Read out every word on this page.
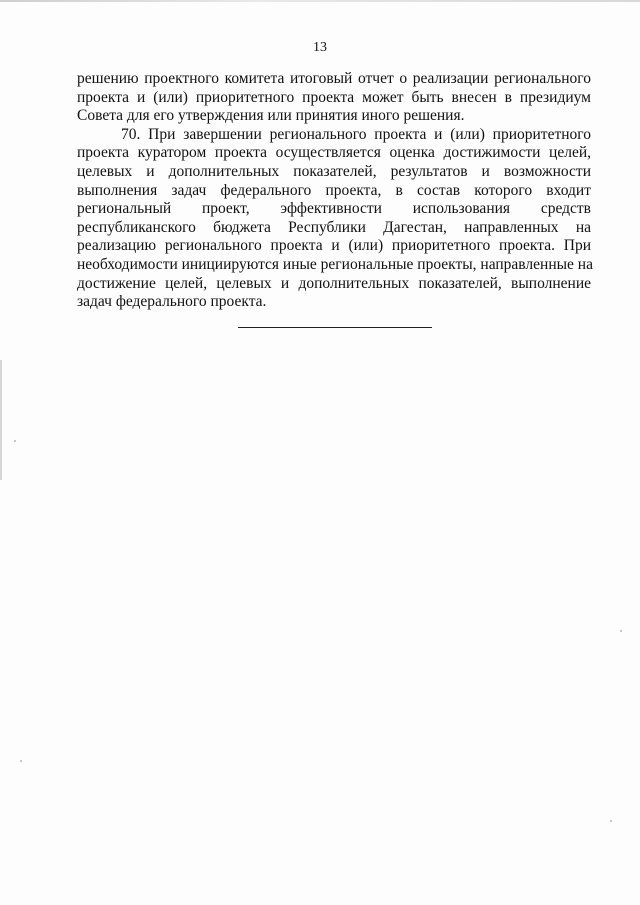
13
решению проектного комитета итоговый отчет о реализации регионального
проекта и (или) приоритетного проекта может быть внесен в президиум
Совета для его утверждения или принятия иного решения.
70. При завершении регионального проекта и (или) приоритетного
проекта куратором проекта осуществляется оценка достижимости целей,
целевых и дополнительных показателей, результатов и возможности
выполнения задач федерального проекта, в состав которого входит
региональный проект, эффективности использования средств
республиканского бюджета Республики Дагестан, направленных на
реализацию регионального проекта и (или) приоритетного проекта. При
необходимости инициируются иные региональные проекты, направленные на
достижение целей, целевых и дополнительных показателей, выполнение
задач федерального проекта.
